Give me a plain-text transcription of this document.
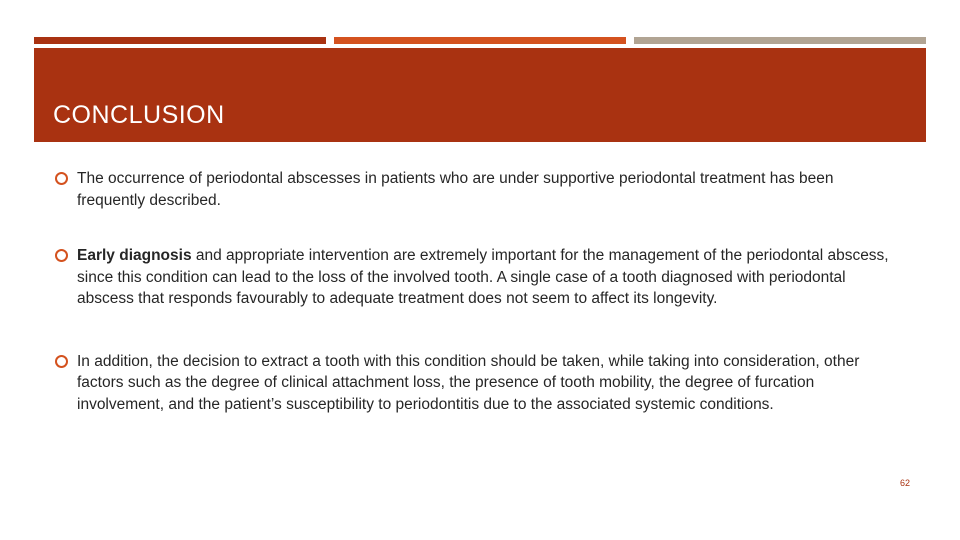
CONCLUSION
The occurrence of periodontal abscesses in patients who are under supportive periodontal treatment has been frequently described.
Early diagnosis and appropriate intervention are extremely important for the management of the periodontal abscess, since this condition can lead to the loss of the involved tooth. A single case of a tooth diagnosed with periodontal abscess that responds favourably to adequate treatment does not seem to affect its longevity.
In addition, the decision to extract a tooth with this condition should be taken, while taking into consideration, other factors such as the degree of clinical attachment loss, the presence of tooth mobility, the degree of furcation involvement, and the patient’s susceptibility to periodontitis due to the associated systemic conditions.
62
